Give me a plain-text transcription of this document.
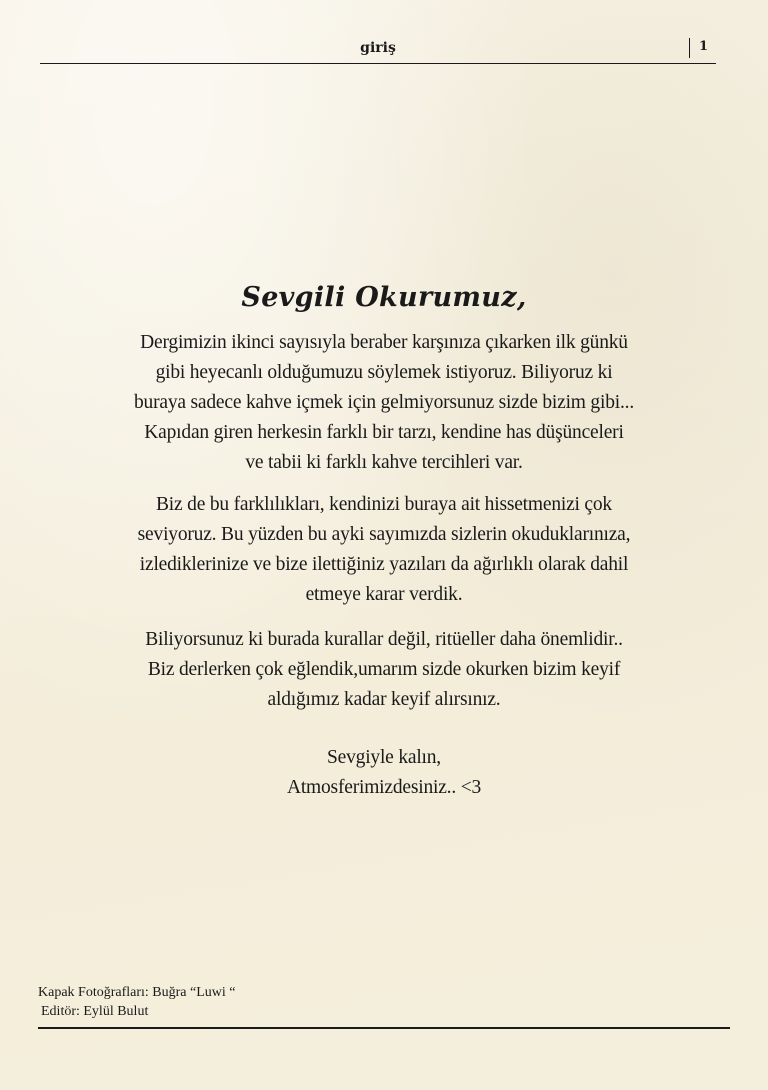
giriş	1
Sevgili Okurumuz,
Dergimizin ikinci sayısıyla beraber karşınıza çıkarken ilk günkü
gibi heyecanlı olduğumuzu söylemek istiyoruz. Biliyoruz ki
buraya sadece kahve içmek için gelmiyorsunuz sizde bizim gibi...
Kapıdan giren herkesin farklı bir tarzı, kendine has düşünceleri
ve tabii ki farklı kahve tercihleri var.
Biz de bu farklılıkları, kendinizi buraya ait hissetmenizi çok
seviyoruz. Bu yüzden bu ayki sayımızda sizlerin okuduklarınıza,
izlediklerinize ve bize ilettiğiniz yazıları da ağırlıklı olarak dahil
etmeye karar verdik.
Biliyorsunuz ki burada kurallar değil, ritüeller daha önemlidir..
Biz derlerken çok eğlendik,umarım sizde okurken bizim keyif
aldığımız kadar keyif alırsınız.
Sevgiyle kalın,
Atmosferimizdesiniz.. <3
Kapak Fotoğrafları: Buğra “Luwi “
Editör: Eylül Bulut
